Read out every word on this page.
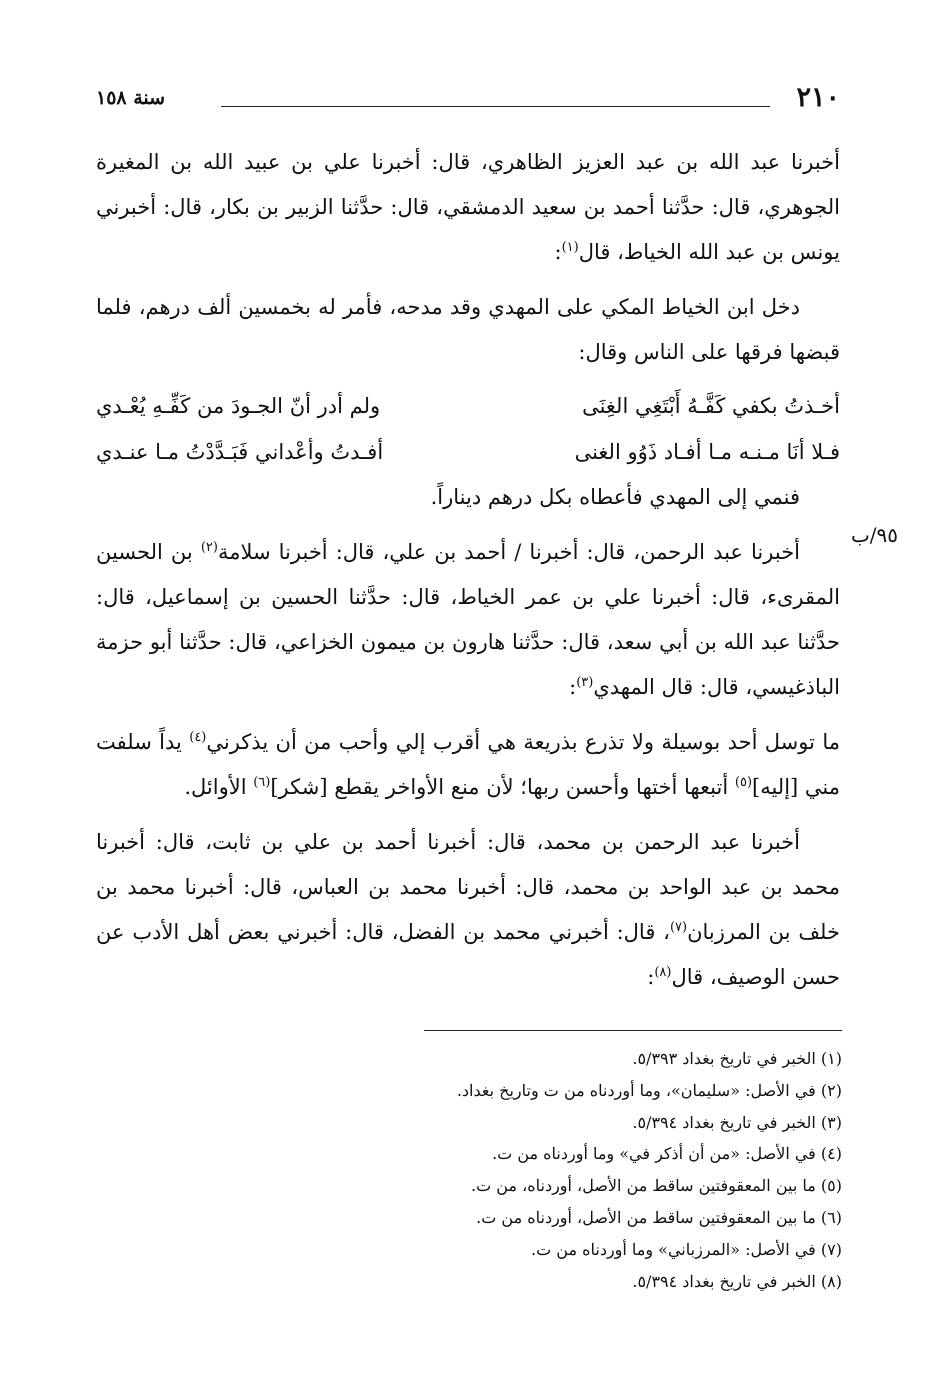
٢١٠
سنة ١٥٨
٩٥/ب

أخبرنا عبد الله بن عبد العزيز الظاهري، قال: أخبرنا علي بن عبيد الله بن المغيرة الجوهري، قال: حدَّثنا أحمد بن سعيد الدمشقي، قال: حدَّثنا الزبير بن بكار، قال: أخبرني يونس بن عبد الله الخياط، قال$^{(١)}$:

دخل ابن الخياط المكي على المهدي وقد مدحه، فأمر له بخمسين ألف درهم، فلما قبضها فرقها على الناس وقال:

أخـذتُ بكفي كَفَّـهُ أَبْتَغِي الغِنَى
ولم أدر أنّ الجـودَ من كَفِّـهِ يُعْـدي
فـلا أنَا مـنـه مـا أفـاد ذَوُو الغنى
أفـدتُ وأعْداني فَبَـدَّدْتُ مـا عنـدي

فنمي إلى المهدي فأعطاه بكل درهم ديناراً.

أخبرنا عبد الرحمن، قال: أخبرنا / أحمد بن علي، قال: أخبرنا سلامة$^{(٢)}$ بن الحسين المقرىء، قال: أخبرنا علي بن عمر الخياط، قال: حدَّثنا الحسين بن إسماعيل، قال: حدَّثنا عبد الله بن أبي سعد، قال: حدَّثنا هارون بن ميمون الخزاعي، قال: حدَّثنا أبو حزمة الباذغيسي، قال: قال المهدي$^{(٣)}$:

ما توسل أحد بوسيلة ولا تذرع بذريعة هي أقرب إلي وأحب من أن يذكرني$^{(٤)}$ يداً سلفت مني [إليه]$^{(٥)}$ أتبعها أختها وأحسن ربها؛ لأن منع الأواخر يقطع [شكر]$^{(٦)}$ الأوائل.

أخبرنا عبد الرحمن بن محمد، قال: أخبرنا أحمد بن علي بن ثابت، قال: أخبرنا محمد بن عبد الواحد بن محمد، قال: أخبرنا محمد بن العباس، قال: أخبرنا محمد بن خلف بن المرزبان$^{(٧)}$، قال: أخبرني محمد بن الفضل، قال: أخبرني بعض أهل الأدب عن حسن الوصيف، قال$^{(٨)}$:

(١) الخبر في تاريخ بغداد ٥/٣٩٣.

(٢) في الأصل: «سليمان»، وما أوردناه من ت وتاريخ بغداد.

(٣) الخبر في تاريخ بغداد ٥/٣٩٤.

(٤) في الأصل: «من أن أذكر في» وما أوردناه من ت.

(٥) ما بين المعقوفتين ساقط من الأصل، أوردناه، من ت.

(٦) ما بين المعقوفتين ساقط من الأصل، أوردناه من ت.

(٧) في الأصل: «المرزباني» وما أوردناه من ت.

(٨) الخبر في تاريخ بغداد ٥/٣٩٤.
